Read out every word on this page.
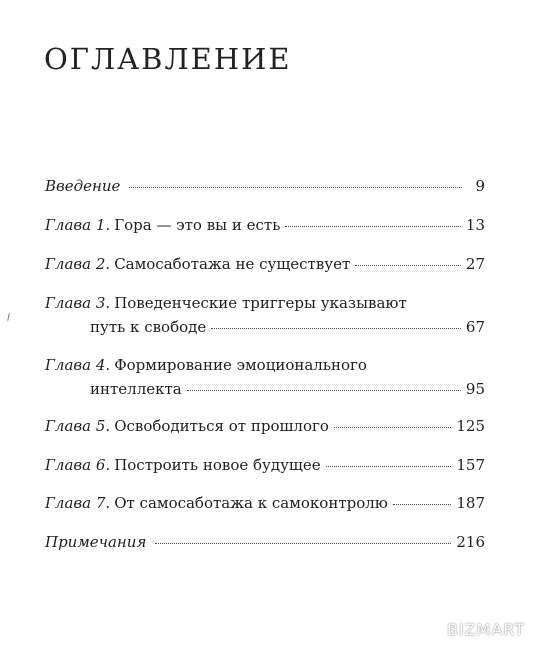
ОГЛАВЛЕНИЕ
Введение	9
Глава 1. Гора — это вы и есть	13
Глава 2. Самосаботажа не существует	27
Глава 3. Поведенческие триггеры указывают
путь к свободе	67
Глава 4. Формирование эмоционального
интеллекта	95
Глава 5. Освободиться от прошлого	125
Глава 6. Построить новое будущее	157
Глава 7. От самосаботажа к самоконтролю	187
Примечания	216
BIZMART
